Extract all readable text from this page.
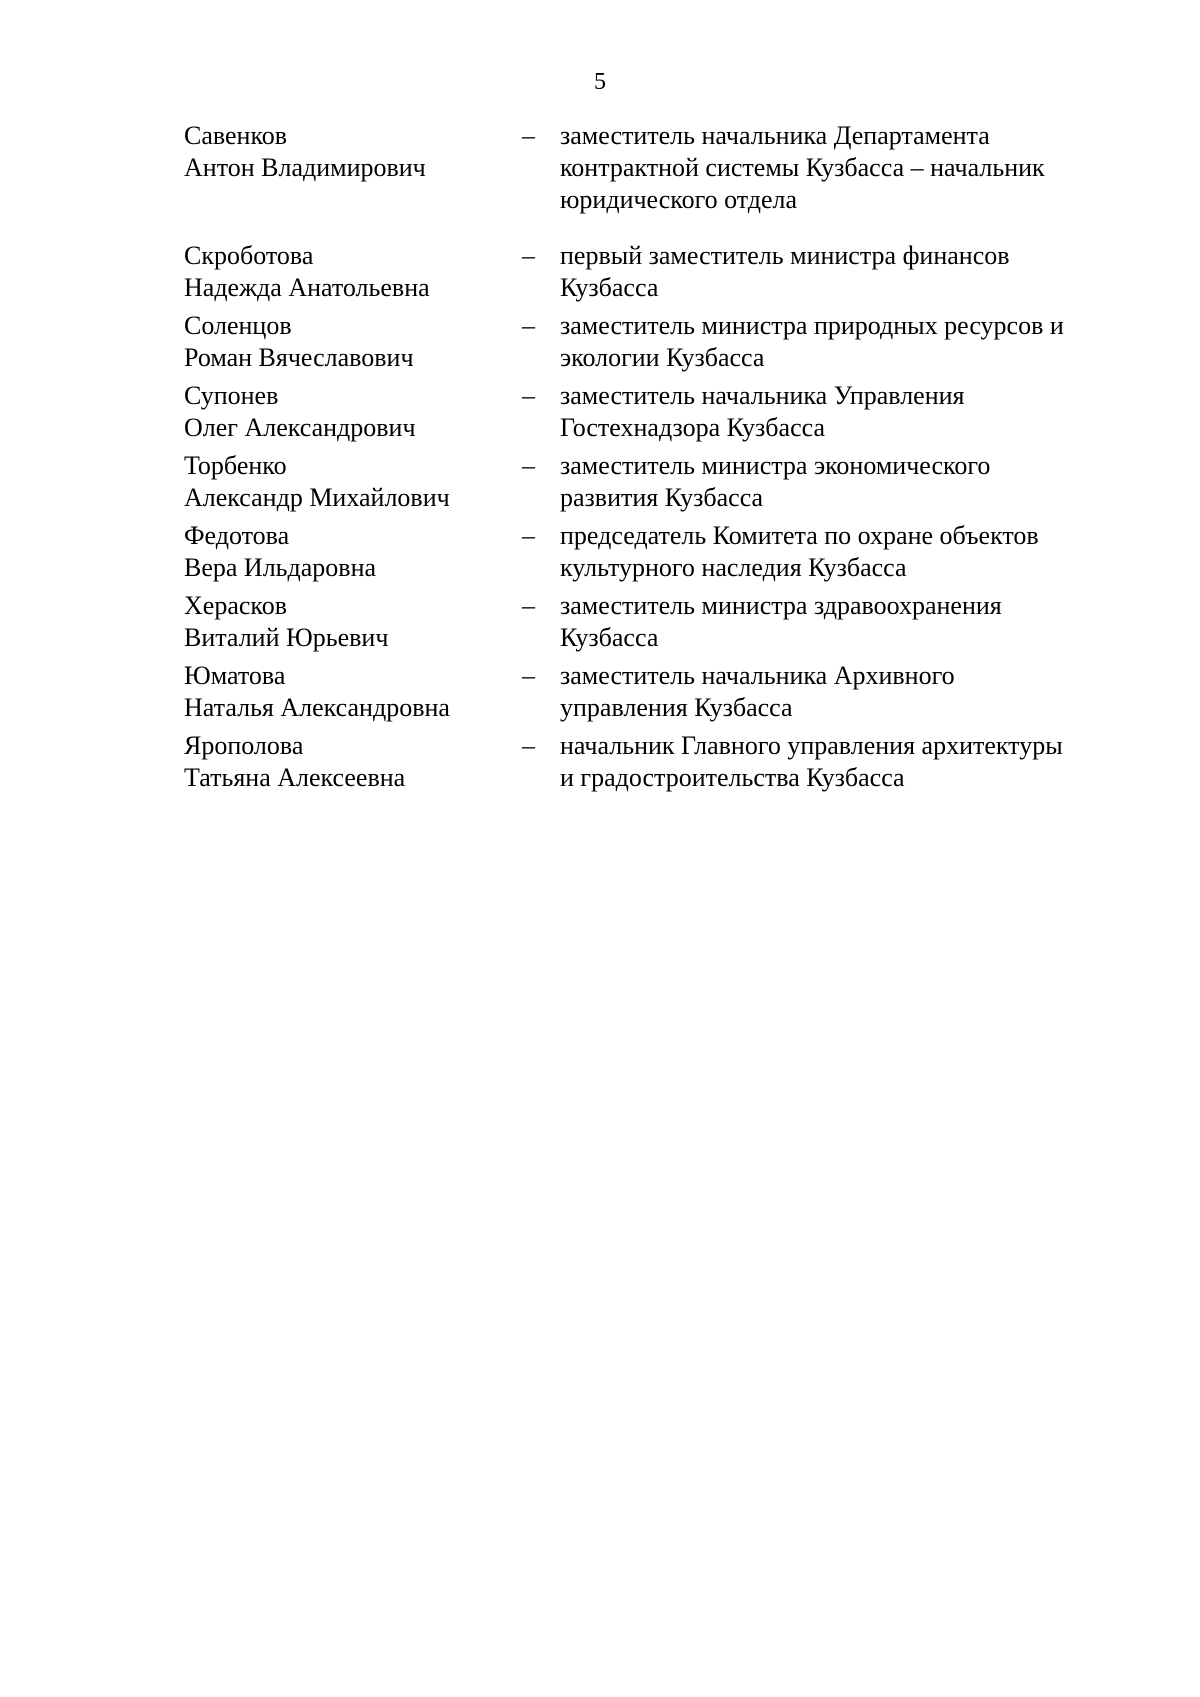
5
Савенков
Антон Владимирович
– заместитель начальника Департамента
контрактной системы Кузбасса – начальник
юридического отдела
Скроботова
Надежда Анатольевна
– первый заместитель министра финансов
Кузбасса
Соленцов
Роман Вячеславович
– заместитель министра природных ресурсов и
экологии Кузбасса
Супонев
Олег Александрович
– заместитель начальника Управления
Гостехнадзора Кузбасса
Торбенко
Александр Михайлович
– заместитель министра экономического
развития Кузбасса
Федотова
Вера Ильдаровна
– председатель Комитета по охране объектов
культурного наследия Кузбасса
Херасков
Виталий Юрьевич
– заместитель министра здравоохранения
Кузбасса
Юматова
Наталья Александровна
– заместитель начальника Архивного
управления Кузбасса
Ярополова
Татьяна Алексеевна
– начальник Главного управления архитектуры
и градостроительства Кузбасса
